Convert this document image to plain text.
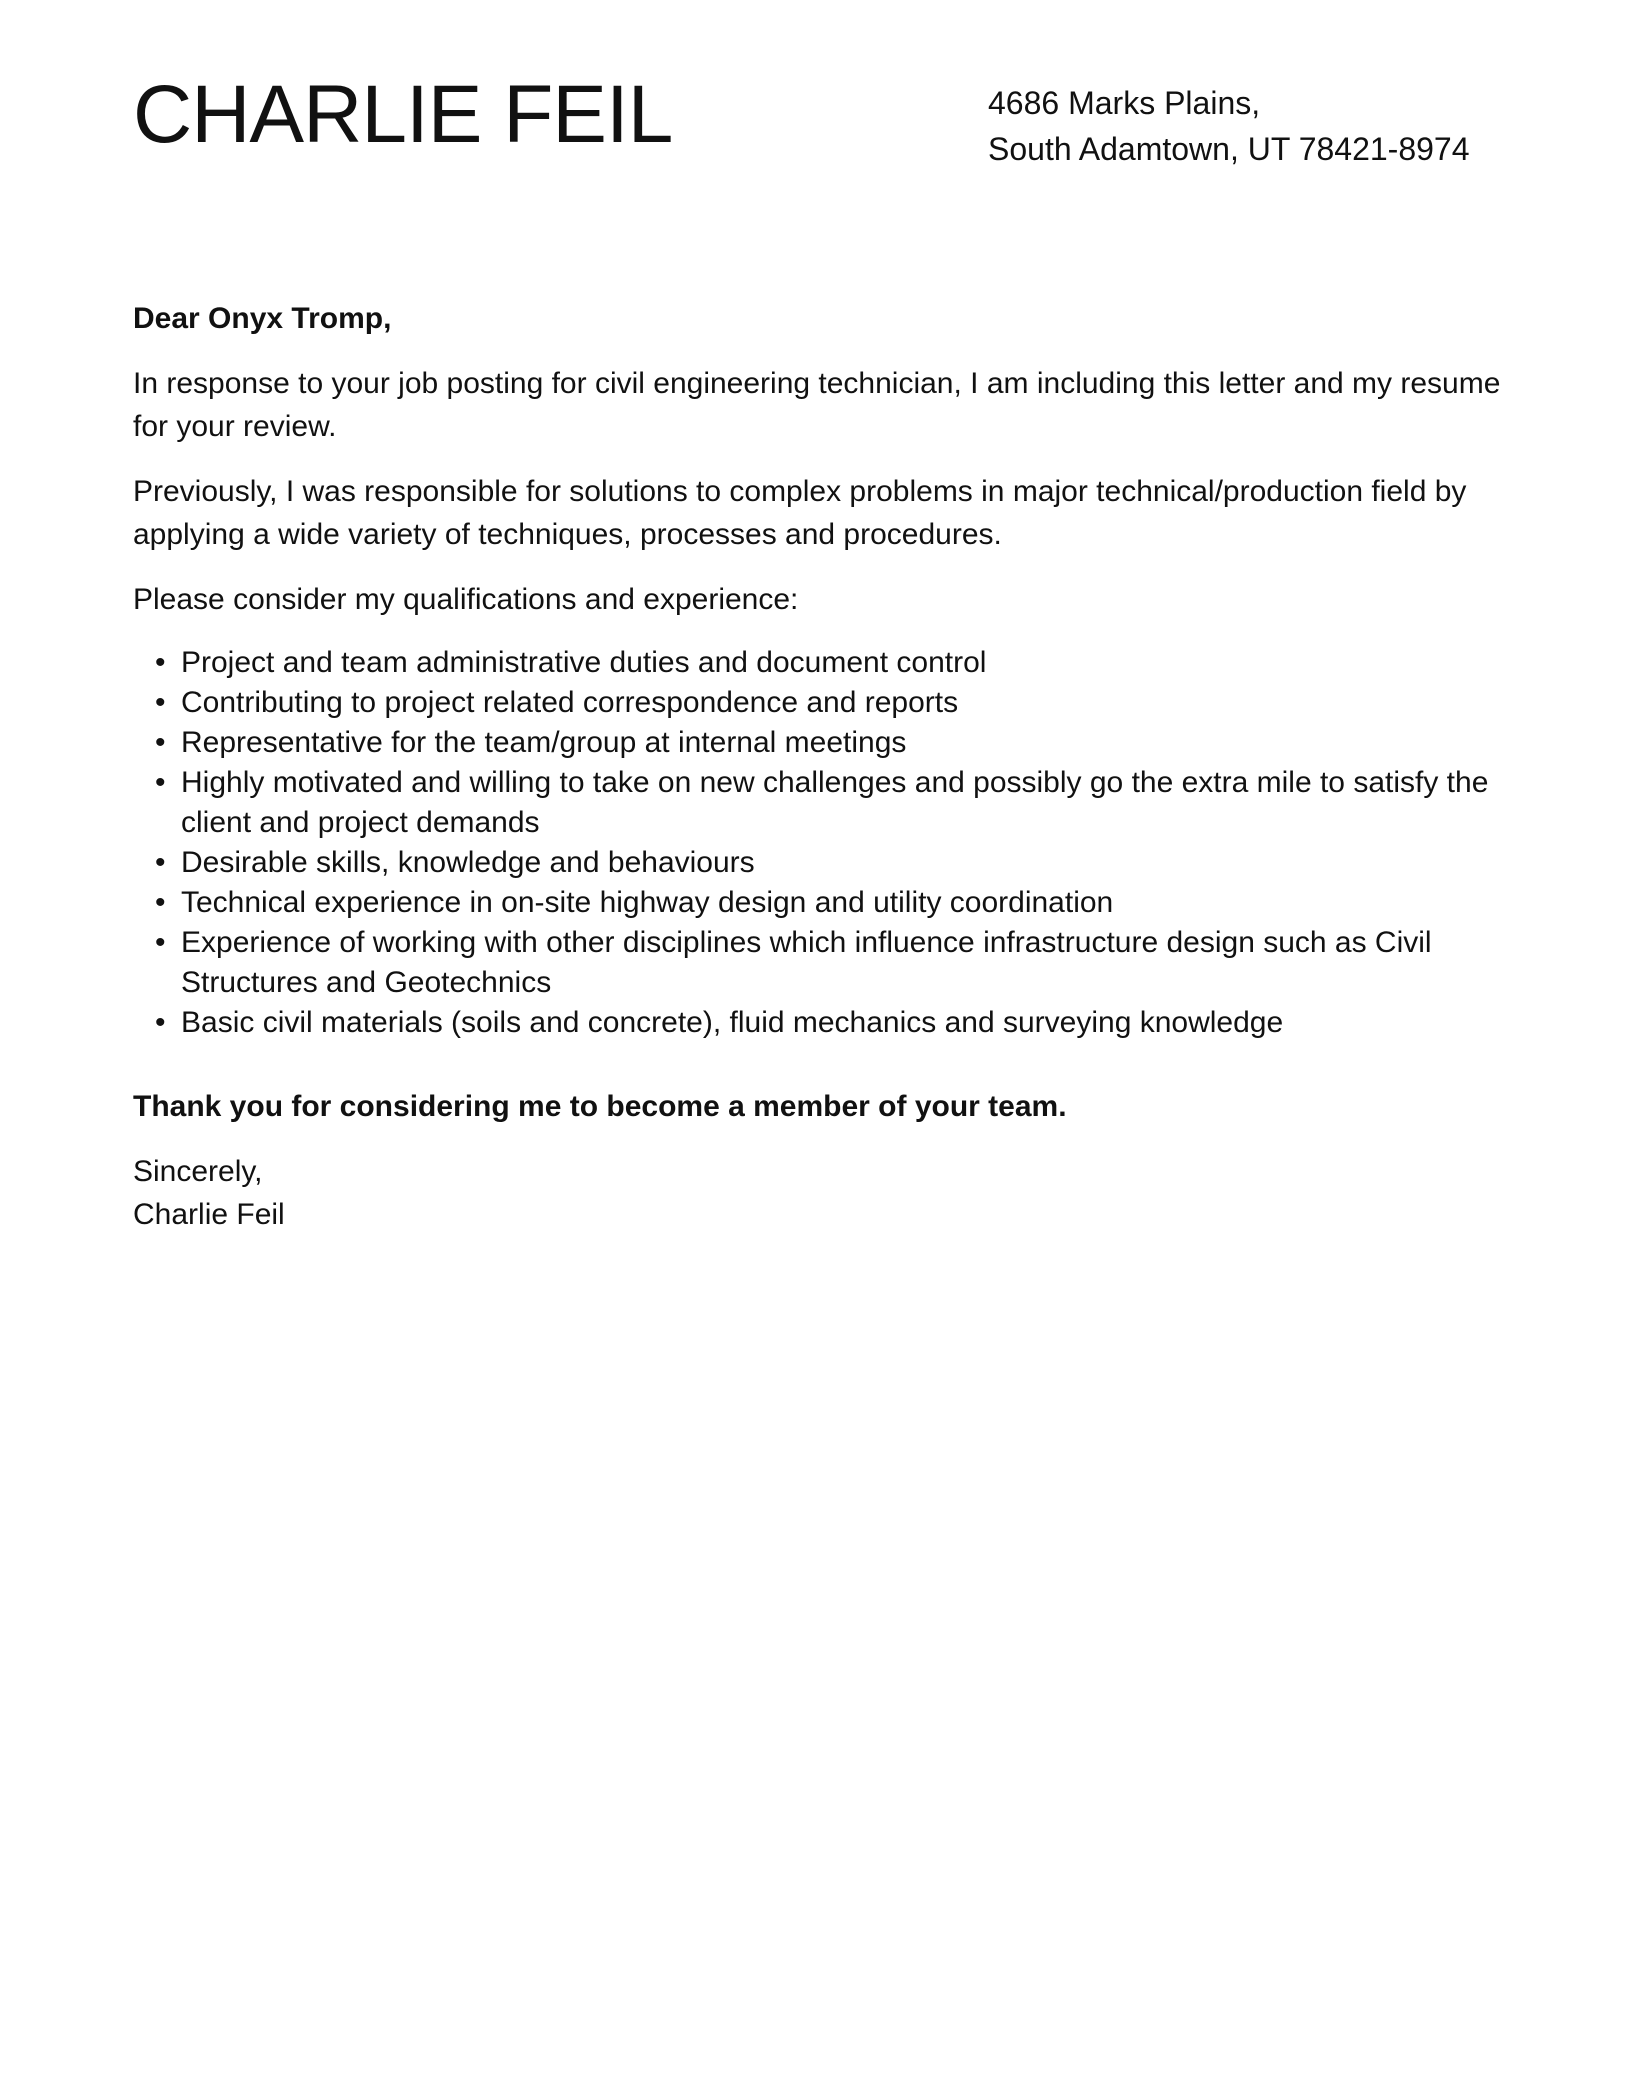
CHARLIE FEIL	4686 Marks Plains,
South Adamtown, UT 78421-8974

Dear Onyx Tromp,

In response to your job posting for civil engineering technician, I am including this letter and my resume for your review.

Previously, I was responsible for solutions to complex problems in major technical/production field by applying a wide variety of techniques, processes and procedures.

Please consider my qualifications and experience:

• Project and team administrative duties and document control
• Contributing to project related correspondence and reports
• Representative for the team/group at internal meetings
• Highly motivated and willing to take on new challenges and possibly go the extra mile to satisfy the client and project demands
• Desirable skills, knowledge and behaviours
• Technical experience in on-site highway design and utility coordination
• Experience of working with other disciplines which influence infrastructure design such as Civil Structures and Geotechnics
• Basic civil materials (soils and concrete), fluid mechanics and surveying knowledge

Thank you for considering me to become a member of your team.

Sincerely,
Charlie Feil
